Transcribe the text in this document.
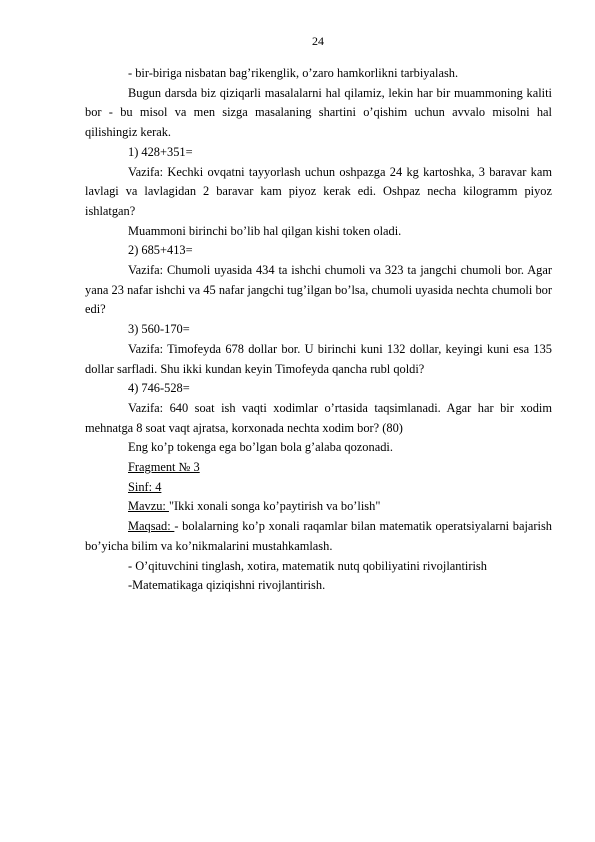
24

- bir-biriga nisbatan bag’rikenglik, o’zaro hamkorlikni tarbiyalash.

Bugun darsda biz qiziqarli masalalarni hal qilamiz, lekin har bir muammoning kaliti bor - bu misol va men sizga masalaning shartini o’qishim uchun avvalo misolni hal qilishingiz kerak.

1) 428+351=

Vazifa: Kechki ovqatni tayyorlash uchun oshpazga 24 kg kartoshka, 3 baravar kam lavlagi va lavlagidan 2 baravar kam piyoz kerak edi. Oshpaz necha kilogramm piyoz ishlatgan?

Muammoni birinchi bo’lib hal qilgan kishi token oladi.

2) 685+413=

Vazifa: Chumoli uyasida 434 ta ishchi chumoli va 323 ta jangchi chumoli bor. Agar yana 23 nafar ishchi va 45 nafar jangchi tug’ilgan bo’lsa, chumoli uyasida nechta chumoli bor edi?

3) 560-170=

Vazifa: Timofeyda 678 dollar bor. U birinchi kuni 132 dollar, keyingi kuni esa 135 dollar sarfladi. Shu ikki kundan keyin Timofeyda qancha rubl qoldi?

4) 746-528=

Vazifa: 640 soat ish vaqti xodimlar o’rtasida taqsimlanadi. Agar har bir xodim mehnatga 8 soat vaqt ajratsa, korxonada nechta xodim bor? (80)

Eng ko’p tokenga ega bo’lgan bola g’alaba qozonadi.

Fragment № 3

Sinf: 4

Mavzu: "Ikki xonali songa ko’paytirish va bo’lish"

Maqsad: - bolalarning ko’p xonali raqamlar bilan matematik operatsiyalarni bajarish bo’yicha bilim va ko’nikmalarini mustahkamlash.

- O’qituvchini tinglash, xotira, matematik nutq qobiliyatini rivojlantirish

-Matematikaga qiziqishni rivojlantirish.
